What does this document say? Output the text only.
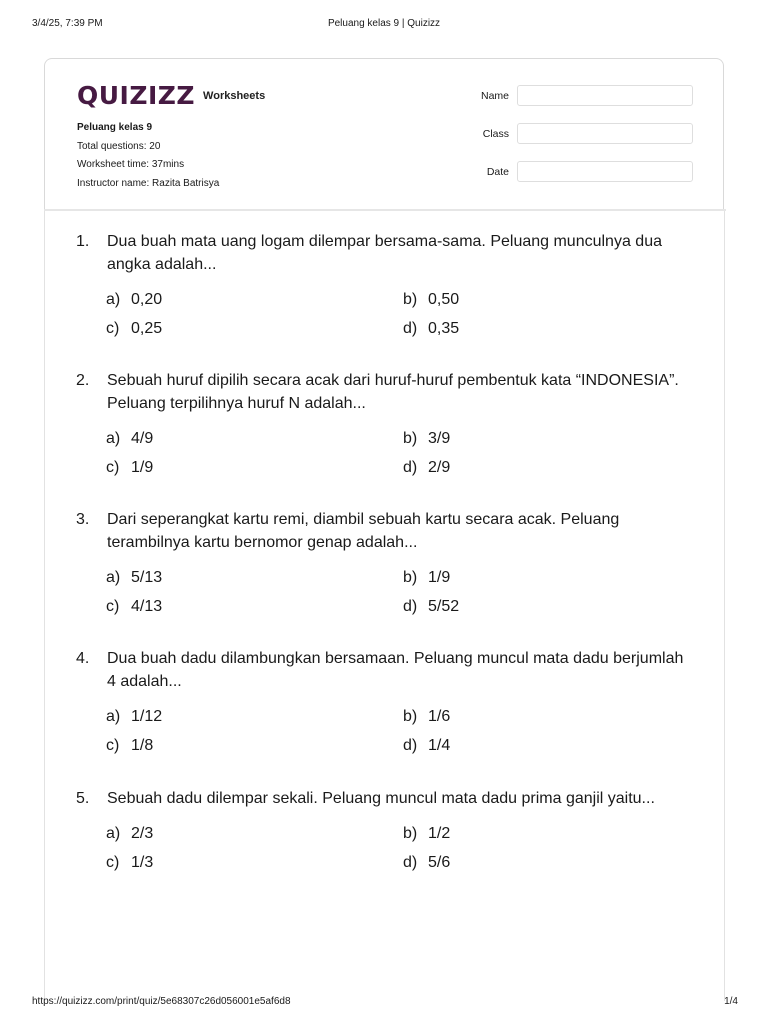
3/4/25, 7:39 PM	Peluang kelas 9 | Quizizz
QUIZIZZ Worksheets
Peluang kelas 9
Total questions: 20
Worksheet time: 37mins
Instructor name: Razita Batrisya
Name
Class
Date
1.	Dua buah mata uang logam dilempar bersama-sama. Peluang munculnya dua angka adalah...
a) 0,20	b) 0,50
c) 0,25	d) 0,35
2.	Sebuah huruf dipilih secara acak dari huruf-huruf pembentuk kata “INDONESIA”. Peluang terpilihnya huruf N adalah...
a) 4/9	b) 3/9
c) 1/9	d) 2/9
3.	Dari seperangkat kartu remi, diambil sebuah kartu secara acak. Peluang terambilnya kartu bernomor genap adalah...
a) 5/13	b) 1/9
c) 4/13	d) 5/52
4.	Dua buah dadu dilambungkan bersamaan. Peluang muncul mata dadu berjumlah 4 adalah...
a) 1/12	b) 1/6
c) 1/8	d) 1/4
5.	Sebuah dadu dilempar sekali. Peluang muncul mata dadu prima ganjil yaitu...
a) 2/3	b) 1/2
c) 1/3	d) 5/6
https://quizizz.com/print/quiz/5e68307c26d056001e5af6d8	1/4
